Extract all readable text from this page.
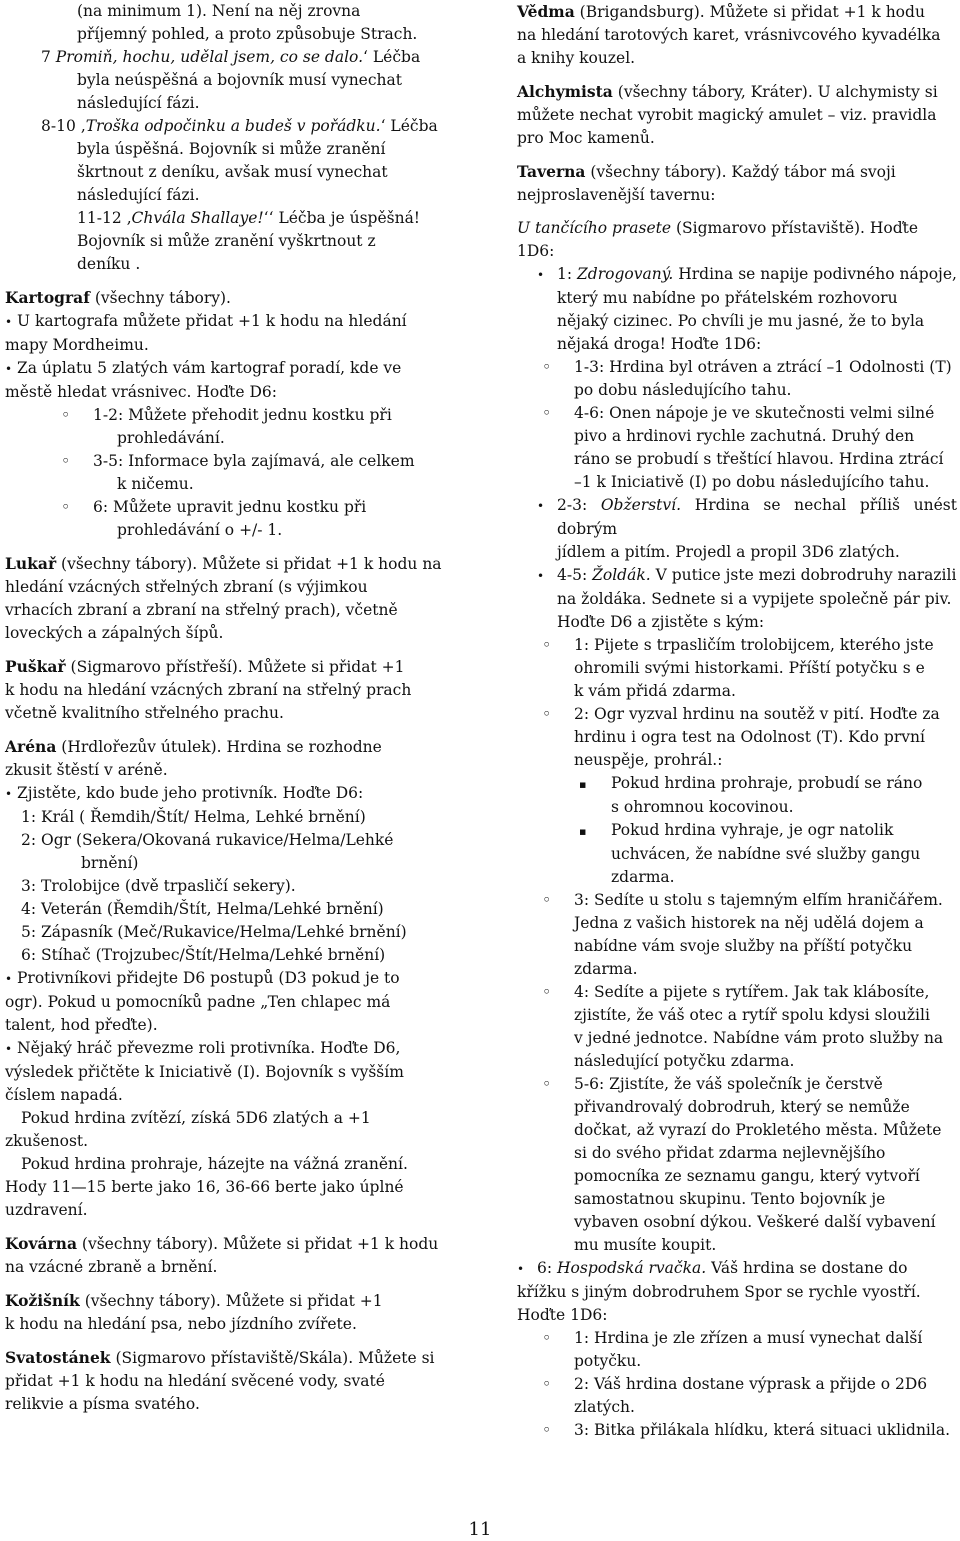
(na minimum 1). Není na něj zrovna
příjemný pohled, a proto způsobuje Strach.
7 Promiň, hochu, udělal jsem, co se dalo.‘ Léčba
byla neúspěšná a bojovník musí vynechat
následující fázi.
8-10 ‚Troška odpočinku a budeš v pořádku.‘ Léčba
byla úspěšná. Bojovník si může zranění
škrtnout z deníku, avšak musí vynechat
následující fázi.
11-12 ‚Chvála Shallaye!‘‘ Léčba je úspěšná!
Bojovník si může zranění vyškrtnout z
deníku .
Kartograf (všechny tábory).
• U kartografa můžete přidat +1 k hodu na hledání
mapy Mordheimu.
• Za úplatu 5 zlatých vám kartograf poradí, kde ve
městě hledat vrásnivec. Hoďte D6:
◦ 1-2: Můžete přehodit jednu kostku při
prohledávání.
◦ 3-5: Informace byla zajímavá, ale celkem
k ničemu.
◦ 6: Můžete upravit jednu kostku při
prohledávání o +/- 1.
Lukař (všechny tábory). Můžete si přidat +1 k hodu na
hledání vzácných střelných zbraní (s výjimkou
vrhacích zbraní a zbraní na střelný prach), včetně
loveckých a zápalných šípů.
Puškař (Sigmarovo přístřeší). Můžete si přidat +1
k hodu na hledání vzácných zbraní na střelný prach
včetně kvalitního střelného prachu.
Aréna (Hrdlořezův útulek). Hrdina se rozhodne
zkusit štěstí v aréně.
• Zjistěte, kdo bude jeho protivník. Hoďte D6:
◦ 1: Král ( Řemdih/Štít/ Helma, Lehké brnění)
◦ 2: Ogr (Sekera/Okovaná rukavice/Helma/Lehké
brnění)
◦ 3: Trolobijce (dvě trpasličí sekery).
◦ 4: Veterán (Řemdih/Štít, Helma/Lehké brnění)
◦ 5: Zápasník (Meč/Rukavice/Helma/Lehké brnění)
◦ 6: Stíhač (Trojzubec/Štít/Helma/Lehké brnění)
• Protivníkovi přidejte D6 postupů (D3 pokud je to
ogr). Pokud u pomocníků padne „Ten chlapec má
talent, hod přeďte).
• Nějaký hráč převezme roli protivníka. Hoďte D6,
výsledek přičtěte k Iniciativě (I). Bojovník s vyšším
číslem napadá.
◦ Pokud hrdina zvítězí, získá 5D6 zlatých a +1
zkušenost.
◦ Pokud hrdina prohraje, házejte na vážná zranění.
Hody 11—15 berte jako 16, 36-66 berte jako úplné
uzdravení.
Kovárna (všechny tábory). Můžete si přidat +1 k hodu
na vzácné zbraně a brnění.
Kožišník (všechny tábory). Můžete si přidat +1
k hodu na hledání psa, nebo jízdního zvířete.
Svatostánek (Sigmarovo přístaviště/Skála). Můžete si
přidat +1 k hodu na hledání svěcené vody, svaté
relikvie a písma svatého.
Vědma (Brigandsburg). Můžete si přidat +1 k hodu
na hledání tarotových karet, vrásnivcového kyvadélka
a knihy kouzel.
Alchymista (všechny tábory, Kráter). U alchymisty si
můžete nechat vyrobit magický amulet – viz. pravidla
pro Moc kamenů.
Taverna (všechny tábory). Každý tábor má svoji
nejproslavenější tavernu:
U tančícího prasete (Sigmarovo přístavištĕ). Hoďte
1D6:
• 1: Zdrogovaný. Hrdina se napije podivného nápoje,
který mu nabídne po přátelském rozhovoru
nějaký cizinec. Po chvíli je mu jasné, že to byla
nějaká droga! Hoďte 1D6:
◦ 1-3: Hrdina byl otráven a ztrácí –1 Odolnosti (T)
po dobu následujícího tahu.
◦ 4-6: Onen nápoje je ve skutečnosti velmi silné
pivo a hrdinovi rychle zachutná. Druhý den
ráno se probudí s třeštící hlavou. Hrdina ztrácí
–1 k Iniciativě (I) po dobu následujícího tahu.
• 2-3: Obžerství. Hrdina se nechal příliš unést dobrým
jídlem a pitím. Projedl a propil 3D6 zlatých.
• 4-5: Žoldák. V putice jste mezi dobrodruhy narazili
na žoldáka. Sednete si a vypijete společně pár piv.
Hoďte D6 a zjistěte s kým:
◦ 1: Pijete s trpasličím trolobijcem, kterého jste
ohromili svými historkami. Příští potyčku s e
k vám přidá zdarma.
◦ 2: Ogr vyzval hrdinu na soutěž v pití. Hoďte za
hrdinu i ogra test na Odolnost (T). Kdo první
neuspěje, prohrál.:
▪ Pokud hrdina prohraje, probudí se ráno
s ohromnou kocovinou.
▪ Pokud hrdina vyhraje, je ogr natolik
uchvácen, že nabídne své služby gangu
zdarma.
◦ 3: Sedíte u stolu s tajemným elfím hraničářem.
Jedna z vašich historek na něj udělá dojem a
nabídne vám svoje služby na příští potyčku
zdarma.
◦ 4: Sedíte a pijete s rytířem. Jak tak klábosíte,
zjistíte, že váš otec a rytíř spolu kdysi sloužili
v jedné jednotce. Nabídne vám proto služby na
následující potyčku zdarma.
◦ 5-6: Zjistíte, že váš společník je čerstvě
přivandrovalý dobrodruh, který se nemůže
dočkat, až vyrazí do Prokletého města. Můžete
si do svého přidat zdarma nejlevnějšího
pomocníka ze seznamu gangu, který vytvoří
samostatnou skupinu. Tento bojovník je
vybaven osobní dýkou. Veškeré další vybavení
mu musíte koupit.
• 6: Hospodská rvačka. Váš hrdina se dostane do
křížku s jiným dobrodruhem Spor se rychle vyostří.
Hoďte 1D6:
◦ 1: Hrdina je zle zřízen a musí vynechat další
potyčku.
◦ 2: Váš hrdina dostane výprask a přijde o 2D6
zlatých.
◦ 3: Bitka přilákala hlídku, která situaci uklidnila.
11
